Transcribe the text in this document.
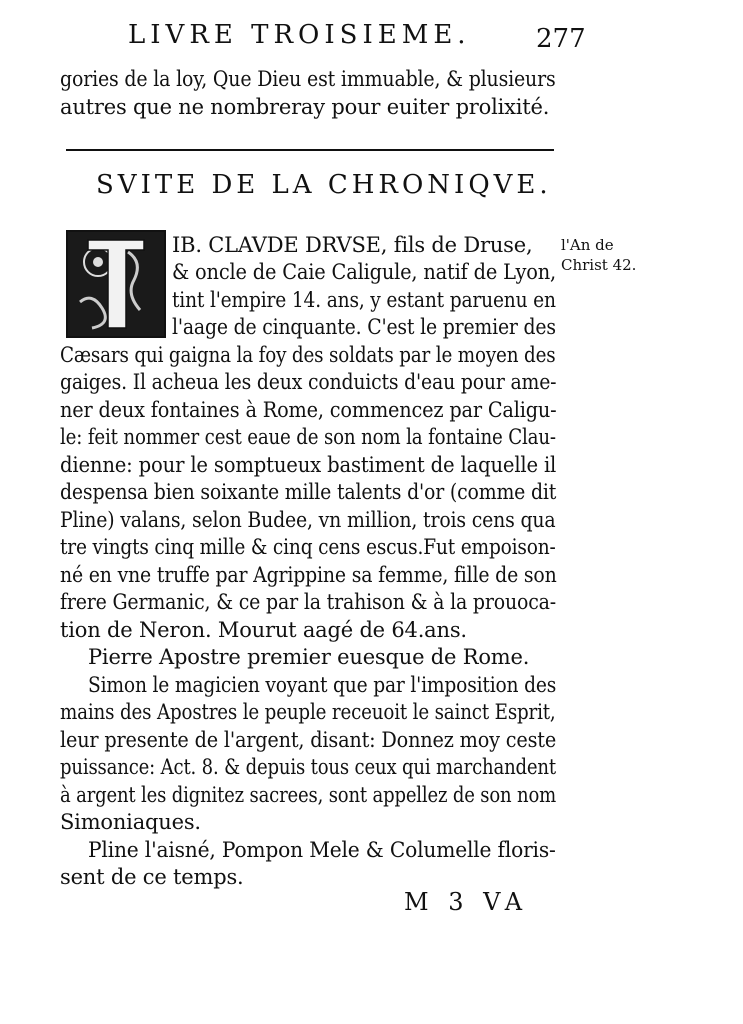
LIVRE TROISIEME.	277
gories de la loy, Que Dieu est immuable, & plusieurs
autres que ne nombreray pour euiter prolixité.
SVITE DE LA CHRONIQVE.
l'An de
Christ 42.
IB. CLAVDE DRVSE, fils de Druse,
& oncle de Caie Caligule, natif de Lyon,
tint l'empire 14. ans, y estant paruenu en
l'aage de cinquante. C'est le premier des
Cæsars qui gaigna la foy des soldats par le moyen des
gaiges. Il acheua les deux conduicts d'eau pour ame-
ner deux fontaines à Rome, commencez par Caligu-
le: feit nommer cest eaue de son nom la fontaine Clau-
dienne: pour le somptueux bastiment de laquelle il
despensa bien soixante mille talents d'or (comme dit
Pline) valans, selon Budee, vn million, trois cens qua
tre vingts cinq mille & cinq cens escus.Fut empoison-
né en vne truffe par Agrippine sa femme, fille de son
frere Germanic, & ce par la trahison & à la prouoca-
tion de Neron. Mourut aagé de 64.ans.
Pierre Apostre premier euesque de Rome.
Simon le magicien voyant que par l'imposition des
mains des Apostres le peuple receuoit le sainct Esprit,
leur presente de l'argent, disant: Donnez moy ceste
puissance: Act. 8. & depuis tous ceux qui marchandent
à argent les dignitez sacrees, sont appellez de son nom
Simoniaques.
Pline l'aisné, Pompon Mele & Columelle floris-
sent de ce temps.
M 3 VA
